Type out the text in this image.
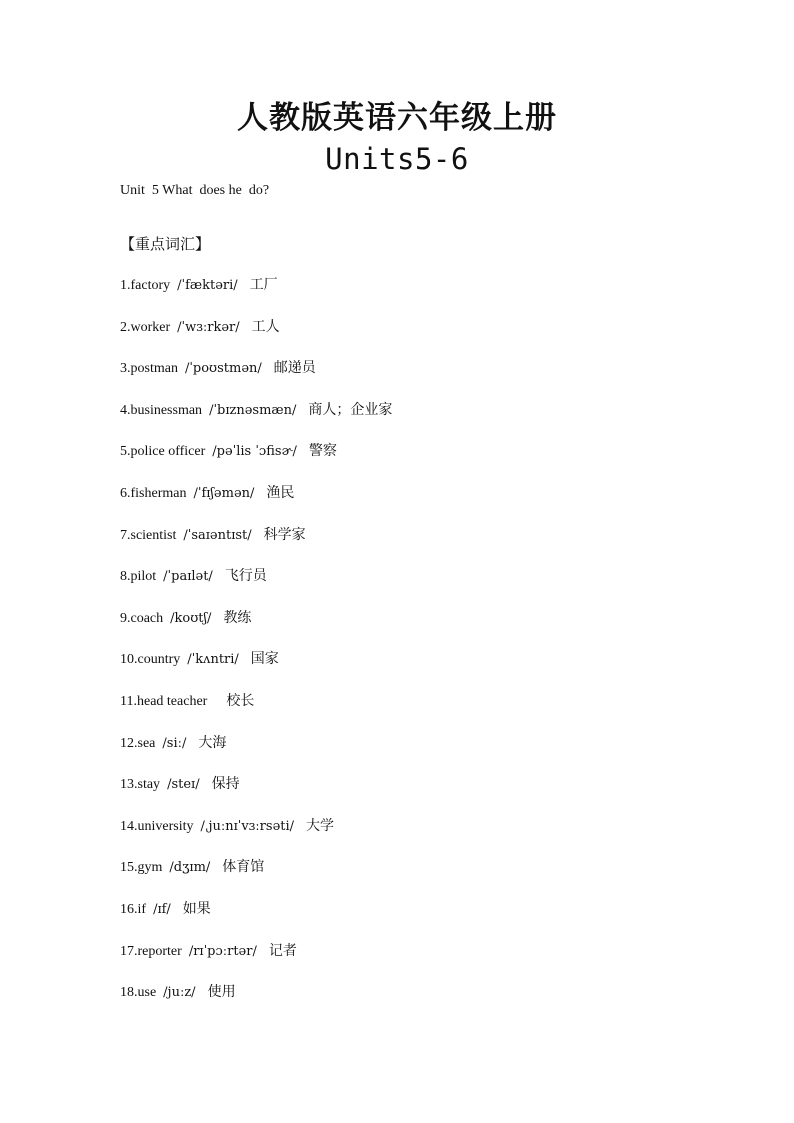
人教版英语六年级上册
Units5-6
Unit  5 What  does he  do?
【重点词汇】
1.factory /ˈfæktəri/ 工厂
2.worker /ˈwɜːrkər/ 工人
3.postman /ˈpoʊstmən/ 邮递员
4.businessman /ˈbɪznəsmæn/ 商人；企业家
5.police officer /pəˈlis ˈɔfisɚ/ 警察
6.fisherman /ˈfɪʃəmən/ 渔民
7.scientist /ˈsaɪəntɪst/ 科学家
8.pilot /ˈpaɪlət/ 飞行员
9.coach /koʊtʃ/ 教练
10.country /ˈkʌntri/ 国家
11.head teacher 校长
12.sea /siː/ 大海
13.stay /steɪ/ 保持
14.university /ˌjuːnɪˈvɜːrsəti/ 大学
15.gym /dʒɪm/ 体育馆
16.if /ɪf/ 如果
17.reporter /rɪˈpɔːrtər/ 记者
18.use /juːz/ 使用
